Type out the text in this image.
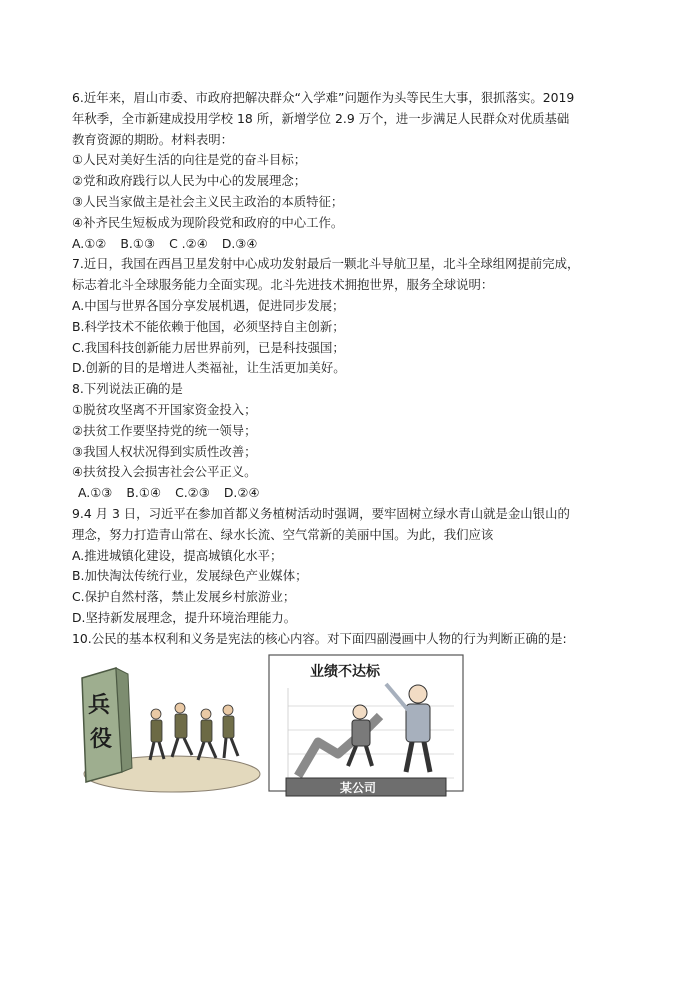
6.近年来，眉山市委、市政府把解决群众“入学难”问题作为头等民生大事，狠抓落实。2019
年秋季，全市新建成投用学校 18 所，新增学位 2.9 万个，进一步满足人民群众对优质基础
教育资源的期盼。材料表明：
①人民对美好生活的向往是党的奋斗目标；
②党和政府践行以人民为中心的发展理念；
③人民当家做主是社会主义民主政治的本质特征；
④补齐民生短板成为现阶段党和政府的中心工作。
A.①② B.①③ C .②④ D.③④
7.近日，我国在西昌卫星发射中心成功发射最后一颗北斗导航卫星，北斗全球组网提前完成，
标志着北斗全球服务能力全面实现。北斗先进技术拥抱世界，服务全球说明：
A.中国与世界各国分享发展机遇，促进同步发展；
B.科学技术不能依赖于他国，必须坚持自主创新；
C.我国科技创新能力居世界前列，已是科技强国；
D.创新的目的是增进人类福祉，让生活更加美好。
8.下列说法正确的是
①脱贫攻坚离不开国家资金投入；
②扶贫工作要坚持党的统一领导；
③我国人权状况得到实质性改善；
④扶贫投入会损害社会公平正义。
A.①③ B.①④ C.②③ D.②④
9.4 月 3 日，习近平在参加首都义务植树活动时强调，要牢固树立绿水青山就是金山银山的
理念，努力打造青山常在、绿水长流、空气常新的美丽中国。为此，我们应该
A.推进城镇化建设，提高城镇化水平；
B.加快淘汰传统行业，发展绿色产业媒体；
C.保护自然村落，禁止发展乡村旅游业；
D.坚持新发展理念，提升环境治理能力。
10.公民的基本权利和义务是宪法的核心内容。对下面四副漫画中人物的行为判断正确的是:
兵
役
业绩不达标
某公司
